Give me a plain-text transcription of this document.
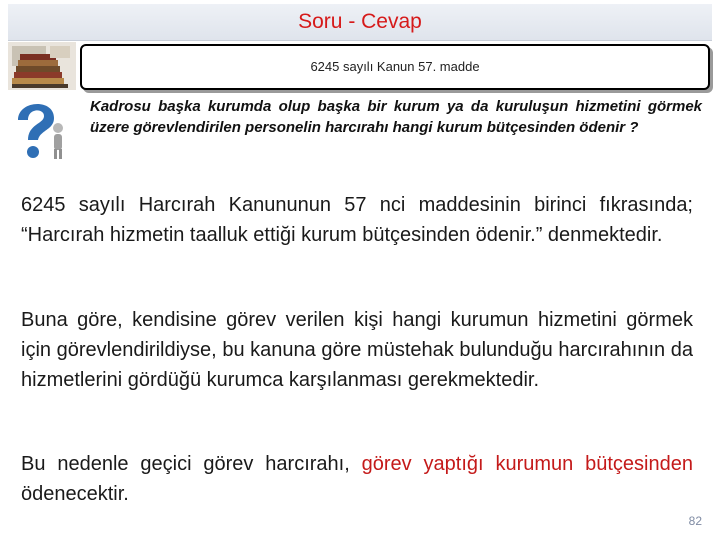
Soru - Cevap
6245 sayılı Kanun 57. madde
Kadrosu başka kurumda olup başka bir kurum ya da kuruluşun hizmetini görmek üzere görevlendirilen personelin harcırahı hangi kurum bütçesinden ödenir ?
6245 sayılı Harcırah Kanununun 57 nci maddesinin birinci fıkrasında; “Harcırah hizmetin taalluk ettiği kurum bütçesinden ödenir.” denmektedir.
Buna göre, kendisine görev verilen kişi hangi kurumun hizmetini görmek için görevlendirildiyse, bu kanuna göre müstehak bulunduğu harcırahının da hizmetlerini gördüğü kurumca karşılanması gerekmektedir.
Bu nedenle geçici görev harcırahı, görev yaptığı kurumun bütçesinden ödenecektir.
82
